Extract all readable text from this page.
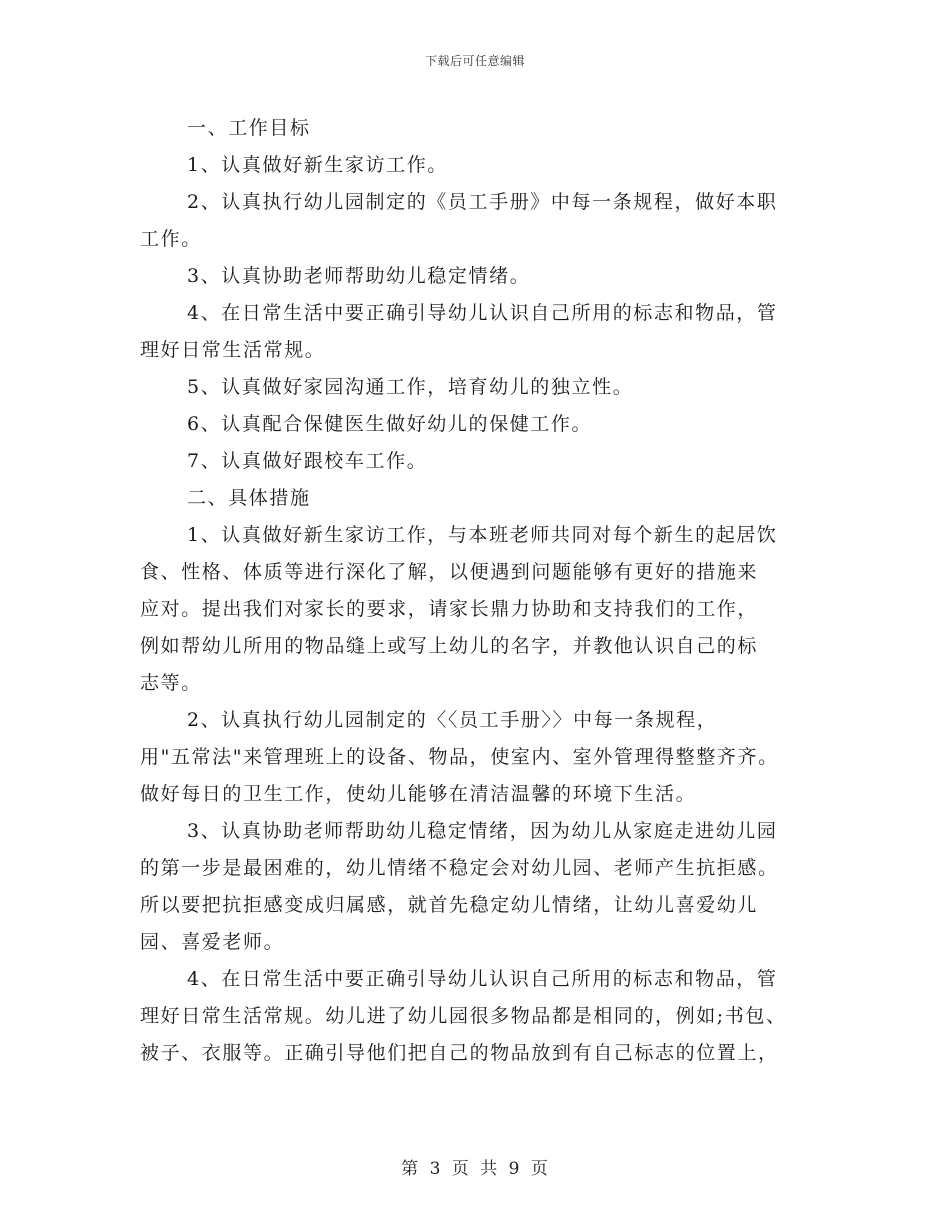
下载后可任意编辑
一、工作目标
1、认真做好新生家访工作。
2、认真执行幼儿园制定的《员工手册》中每一条规程，做好本职
工作。
3、认真协助老师帮助幼儿稳定情绪。
4、在日常生活中要正确引导幼儿认识自己所用的标志和物品，管
理好日常生活常规。
5、认真做好家园沟通工作，培育幼儿的独立性。
6、认真配合保健医生做好幼儿的保健工作。
7、认真做好跟校车工作。
二、具体措施
1、认真做好新生家访工作，与本班老师共同对每个新生的起居饮
食、性格、体质等进行深化了解，以便遇到问题能够有更好的措施来
应对。提出我们对家长的要求，请家长鼎力协助和支持我们的工作，
例如帮幼儿所用的物品缝上或写上幼儿的名字，并教他认识自己的标
志等。
2、认真执行幼儿园制定的〈〈员工手册〉〉中每一条规程，
用"五常法"来管理班上的设备、物品，使室内、室外管理得整整齐齐。
做好每日的卫生工作，使幼儿能够在清洁温馨的环境下生活。
3、认真协助老师帮助幼儿稳定情绪，因为幼儿从家庭走进幼儿园
的第一步是最困难的，幼儿情绪不稳定会对幼儿园、老师产生抗拒感。
所以要把抗拒感变成归属感，就首先稳定幼儿情绪，让幼儿喜爱幼儿
园、喜爱老师。
4、在日常生活中要正确引导幼儿认识自己所用的标志和物品，管
理好日常生活常规。幼儿进了幼儿园很多物品都是相同的，例如;书包、
被子、衣服等。正确引导他们把自己的物品放到有自己标志的位置上，
第 3 页 共 9 页
